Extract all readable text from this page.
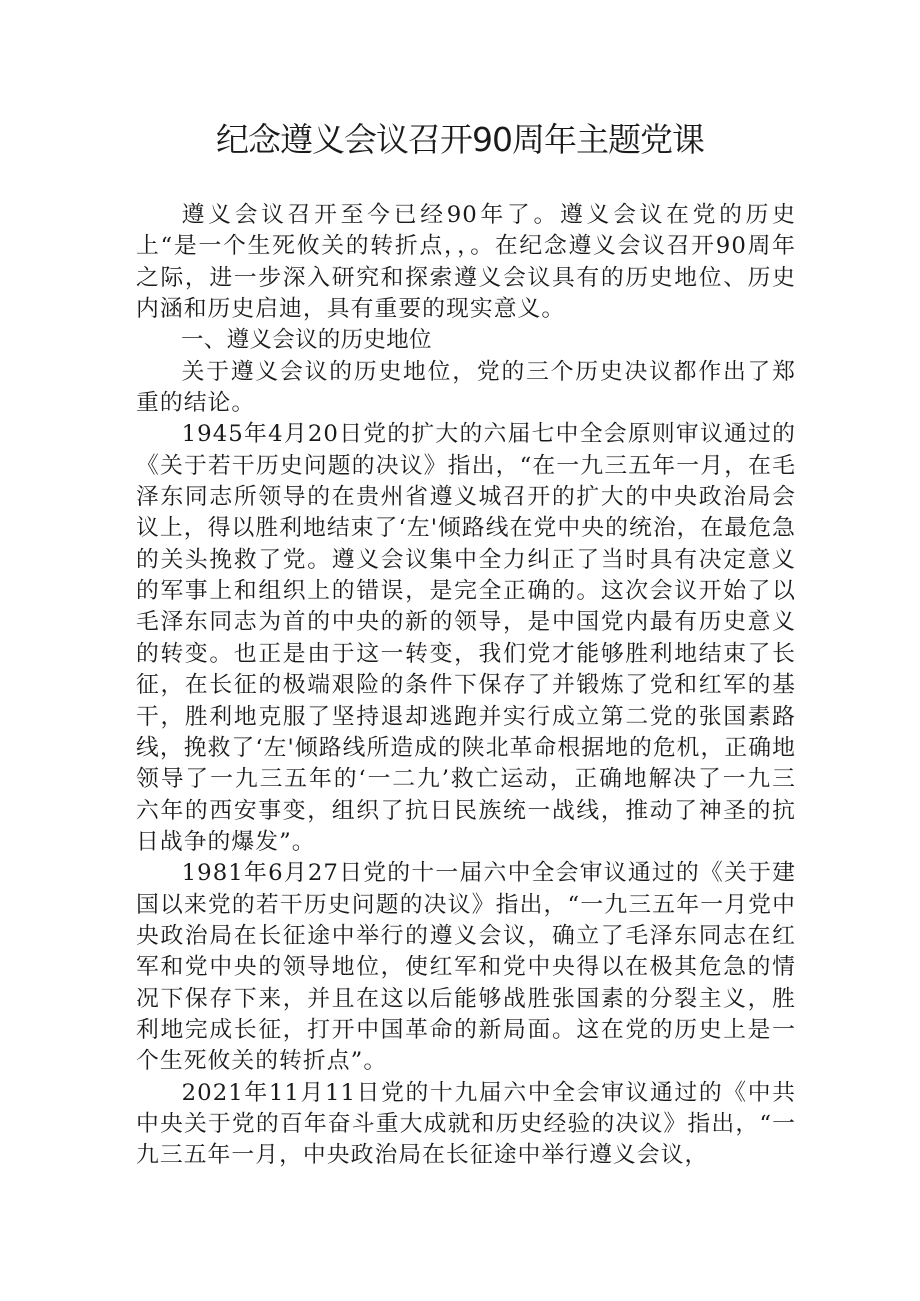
纪念遵义会议召开90周年主题党课

遵义会议召开至今已经90年了。遵义会议在党的历史上“是一个生死攸关的转折点，，。在纪念遵义会议召开90周年之际，进一步深入研究和探索遵义会议具有的历史地位、历史内涵和历史启迪，具有重要的现实意义。

一、遵义会议的历史地位

关于遵义会议的历史地位，党的三个历史决议都作出了郑重的结论。

1945年4月20日党的扩大的六届七中全会原则审议通过的《关于若干历史问题的决议》指出，“在一九三五年一月，在毛泽东同志所领导的在贵州省遵义城召开的扩大的中央政治局会议上，得以胜利地结束了‘左'倾路线在党中央的统治，在最危急的关头挽救了党。遵义会议集中全力纠正了当时具有决定意义的军事上和组织上的错误，是完全正确的。这次会议开始了以毛泽东同志为首的中央的新的领导，是中国党内最有历史意义的转变。也正是由于这一转变，我们党才能够胜利地结束了长征，在长征的极端艰险的条件下保存了并锻炼了党和红军的基干，胜利地克服了坚持退却逃跑并实行成立第二党的张国素路线，挽救了‘左'倾路线所造成的陕北革命根据地的危机，正确地领导了一九三五年的‘一二九’救亡运动，正确地解决了一九三六年的西安事变，组织了抗日民族统一战线，推动了神圣的抗日战争的爆发”。

1981年6月27日党的十一届六中全会审议通过的《关于建国以来党的若干历史问题的决议》指出，“一九三五年一月党中央政治局在长征途中举行的遵义会议，确立了毛泽东同志在红军和党中央的领导地位，使红军和党中央得以在极其危急的情况下保存下来，并且在这以后能够战胜张国素的分裂主义，胜利地完成长征，打开中国革命的新局面。这在党的历史上是一个生死攸关的转折点”。

2021年11月11日党的十九届六中全会审议通过的《中共中央关于党的百年奋斗重大成就和历史经验的决议》指出，“一九三五年一月，中央政治局在长征途中举行遵义会议，
